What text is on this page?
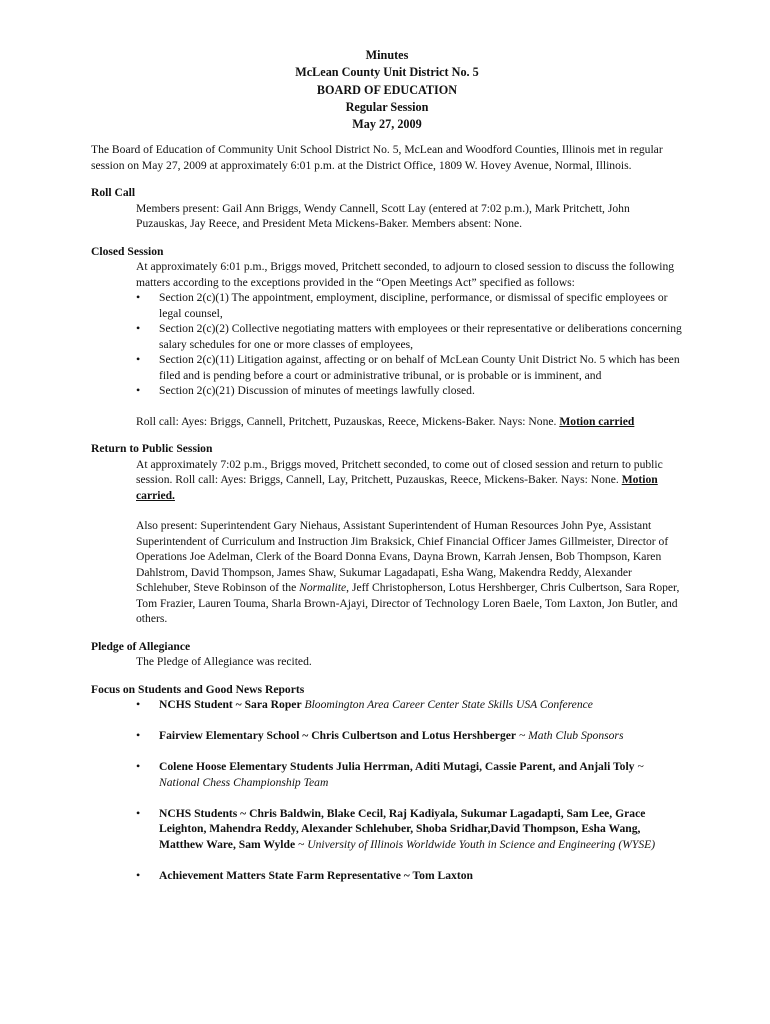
Minutes
McLean County Unit District No. 5
BOARD OF EDUCATION
Regular Session
May 27, 2009
The Board of Education of Community Unit School District No. 5, McLean and Woodford Counties, Illinois met in regular session on May 27, 2009 at approximately 6:01 p.m. at the District Office, 1809 W. Hovey Avenue, Normal, Illinois.
Roll Call
Members present: Gail Ann Briggs, Wendy Cannell, Scott Lay (entered at 7:02 p.m.), Mark Pritchett, John Puzauskas, Jay Reece, and President Meta Mickens-Baker. Members absent: None.
Closed Session
At approximately 6:01 p.m., Briggs moved, Pritchett seconded, to adjourn to closed session to discuss the following matters according to the exceptions provided in the “Open Meetings Act” specified as follows:
• Section 2(c)(1) The appointment, employment, discipline, performance, or dismissal of specific employees or legal counsel,
• Section 2(c)(2) Collective negotiating matters with employees or their representative or deliberations concerning salary schedules for one or more classes of employees,
• Section 2(c)(11) Litigation against, affecting or on behalf of McLean County Unit District No. 5 which has been filed and is pending before a court or administrative tribunal, or is probable or is imminent, and
• Section 2(c)(21) Discussion of minutes of meetings lawfully closed.
Roll call: Ayes: Briggs, Cannell, Pritchett, Puzauskas, Reece, Mickens-Baker. Nays: None. Motion carried
Return to Public Session
At approximately 7:02 p.m., Briggs moved, Pritchett seconded, to come out of closed session and return to public session. Roll call: Ayes: Briggs, Cannell, Lay, Pritchett, Puzauskas, Reece, Mickens-Baker. Nays: None. Motion carried.
Also present: Superintendent Gary Niehaus, Assistant Superintendent of Human Resources John Pye, Assistant Superintendent of Curriculum and Instruction Jim Braksick, Chief Financial Officer James Gillmeister, Director of Operations Joe Adelman, Clerk of the Board Donna Evans, Dayna Brown, Karrah Jensen, Bob Thompson, Karen Dahlstrom, David Thompson, James Shaw, Sukumar Lagadapati, Esha Wang, Makendra Reddy, Alexander Schlehuber, Steve Robinson of the Normalite, Jeff Christopherson, Lotus Hershberger, Chris Culbertson, Sara Roper, Tom Frazier, Lauren Touma, Sharla Brown-Ajayi, Director of Technology Loren Baele, Tom Laxton, Jon Butler, and others.
Pledge of Allegiance
The Pledge of Allegiance was recited.
Focus on Students and Good News Reports
• NCHS Student ~ Sara Roper Bloomington Area Career Center State Skills USA Conference
• Fairview Elementary School ~ Chris Culbertson and Lotus Hershberger ~ Math Club Sponsors
• Colene Hoose Elementary Students Julia Herrman, Aditi Mutagi, Cassie Parent, and Anjali Toly ~ National Chess Championship Team
• NCHS Students ~ Chris Baldwin, Blake Cecil, Raj Kadiyala, Sukumar Lagadapti, Sam Lee, Grace Leighton, Mahendra Reddy, Alexander Schlehuber, Shoba Sridhar,David Thompson, Esha Wang, Matthew Ware, Sam Wylde ~ University of Illinois Worldwide Youth in Science and Engineering (WYSE)
• Achievement Matters State Farm Representative ~ Tom Laxton
